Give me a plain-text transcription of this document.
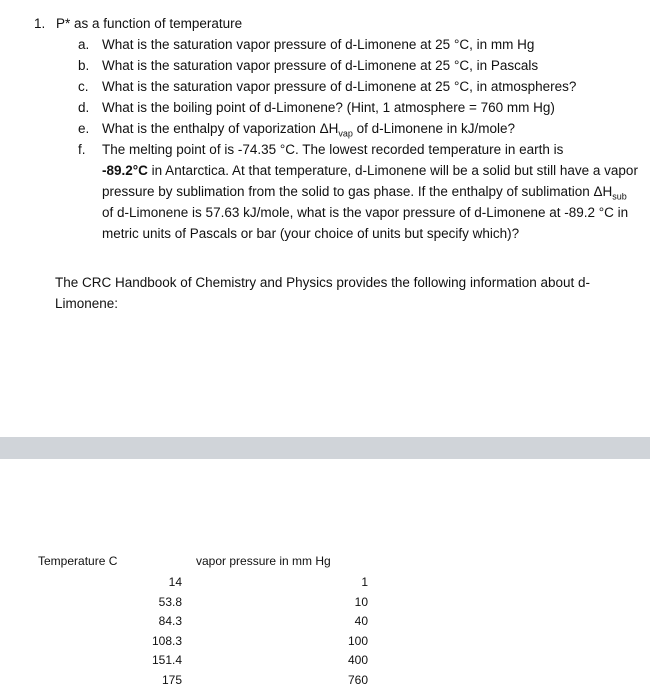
1. P* as a function of temperature
a. What is the saturation vapor pressure of d-Limonene at 25 °C, in mm Hg
b. What is the saturation vapor pressure of d-Limonene at 25 °C, in Pascals
c. What is the saturation vapor pressure of d-Limonene at 25 °C, in atmospheres?
d. What is the boiling point of d-Limonene? (Hint, 1 atmosphere = 760 mm Hg)
e. What is the enthalpy of vaporization $\Delta H_{vap}$ of d-Limonene in kJ/mole?
f. The melting point of is -74.35 °C. The lowest recorded temperature in earth is
-89.2°C in Antarctica. At that temperature, d-Limonene will be a solid but still have a vapor pressure by sublimation from the solid to gas phase. If the enthalpy of sublimation $\Delta H_{sub}$ of d-Limonene is 57.63 kJ/mole, what is the vapor pressure of d-Limonene at -89.2 °C in metric units of Pascals or bar (your choice of units but specify which)?
The CRC Handbook of Chemistry and Physics provides the following information about d-Limonene:
Temperature C	vapor pressure in mm Hg
14	1
53.8	10
84.3	40
108.3	100
151.4	400
175	760
